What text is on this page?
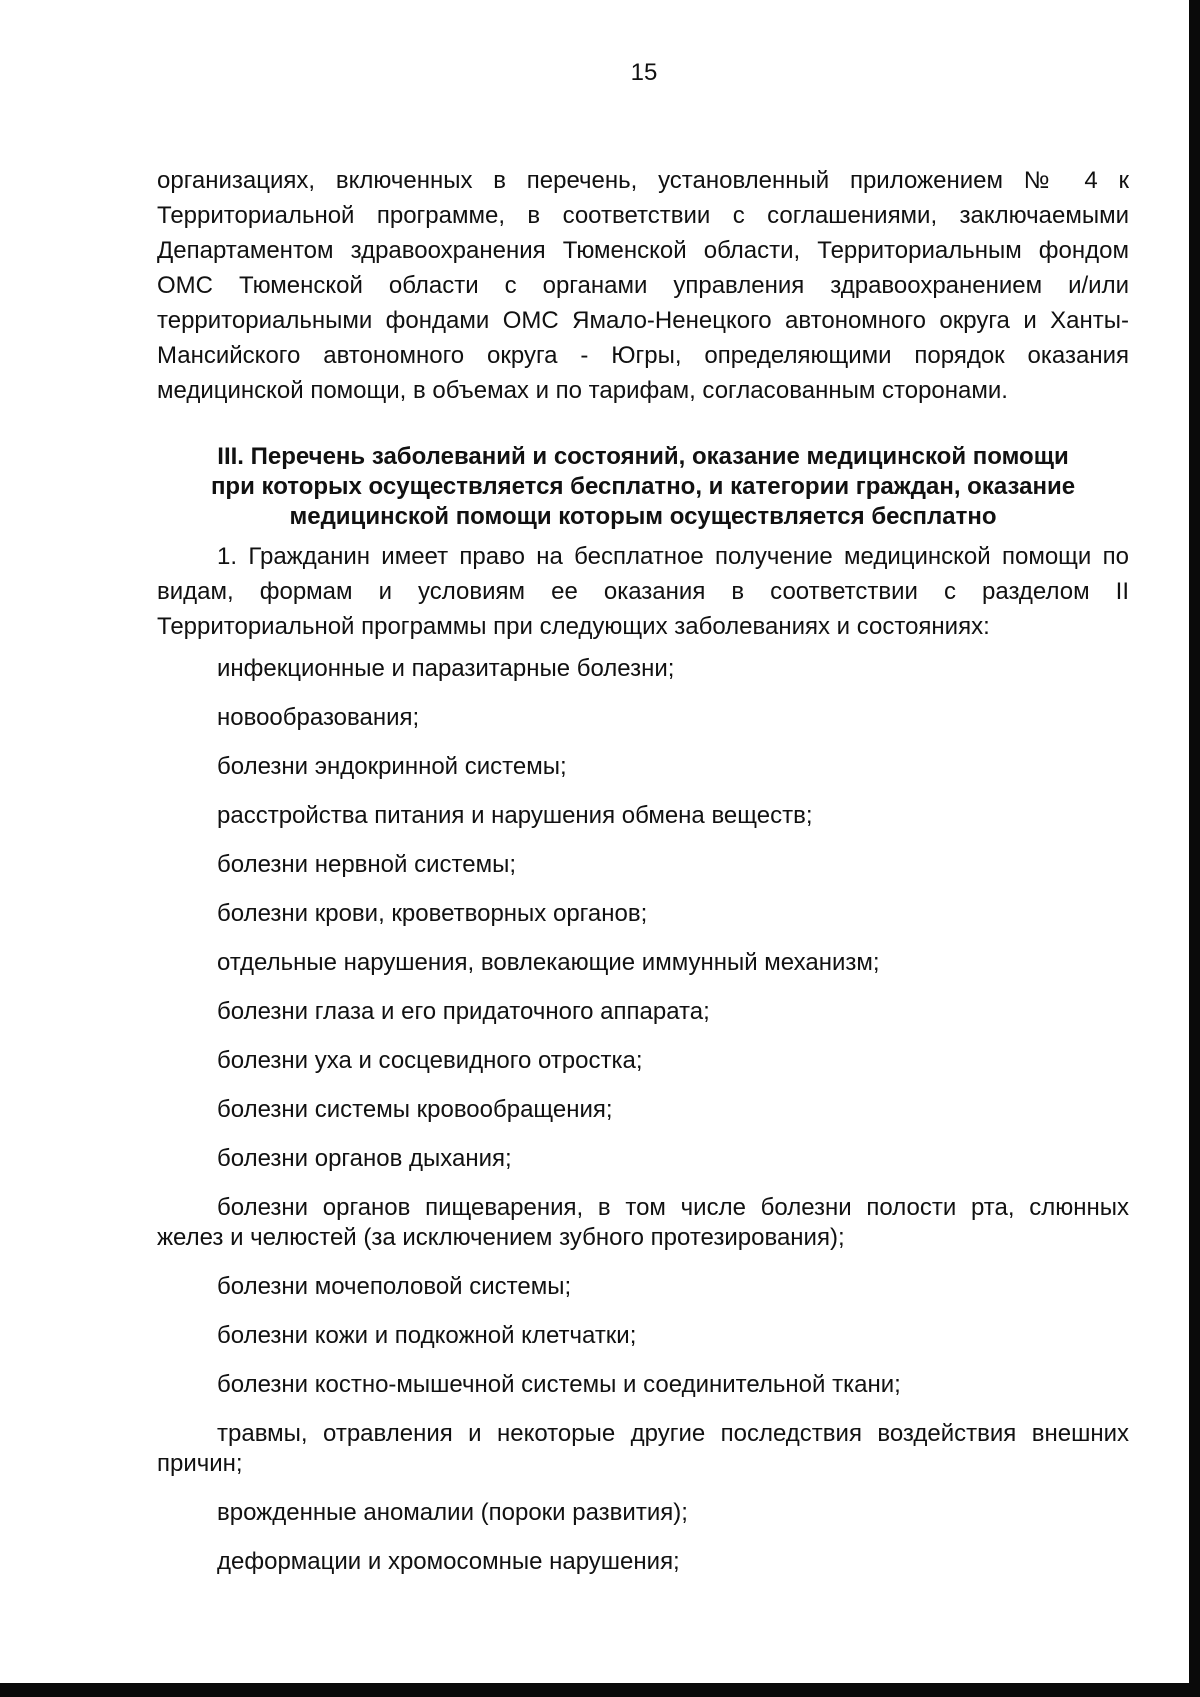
15

организациях, включенных в перечень, установленный приложением № 4 к Территориальной программе, в соответствии с соглашениями, заключаемыми Департаментом здравоохранения Тюменской области, Территориальным фондом ОМС Тюменской области с органами управления здравоохранением и/или территориальными фондами ОМС Ямало-Ненецкого автономного округа и Ханты-Мансийского автономного округа - Югры, определяющими порядок оказания медицинской помощи, в объемах и по тарифам, согласованным сторонами.

III. Перечень заболеваний и состояний, оказание медицинской помощи
при которых осуществляется бесплатно, и категории граждан, оказание
медицинской помощи которым осуществляется бесплатно

1. Гражданин имеет право на бесплатное получение медицинской помощи по видам, формам и условиям ее оказания в соответствии с разделом II Территориальной программы при следующих заболеваниях и состояниях:

инфекционные и паразитарные болезни;
новообразования;
болезни эндокринной системы;
расстройства питания и нарушения обмена веществ;
болезни нервной системы;
болезни крови, кроветворных органов;
отдельные нарушения, вовлекающие иммунный механизм;
болезни глаза и его придаточного аппарата;
болезни уха и сосцевидного отростка;
болезни системы кровообращения;
болезни органов дыхания;
болезни органов пищеварения, в том числе болезни полости рта, слюнных желез и челюстей (за исключением зубного протезирования);
болезни мочеполовой системы;
болезни кожи и подкожной клетчатки;
болезни костно-мышечной системы и соединительной ткани;
травмы, отравления и некоторые другие последствия воздействия внешних причин;
врожденные аномалии (пороки развития);
деформации и хромосомные нарушения;
